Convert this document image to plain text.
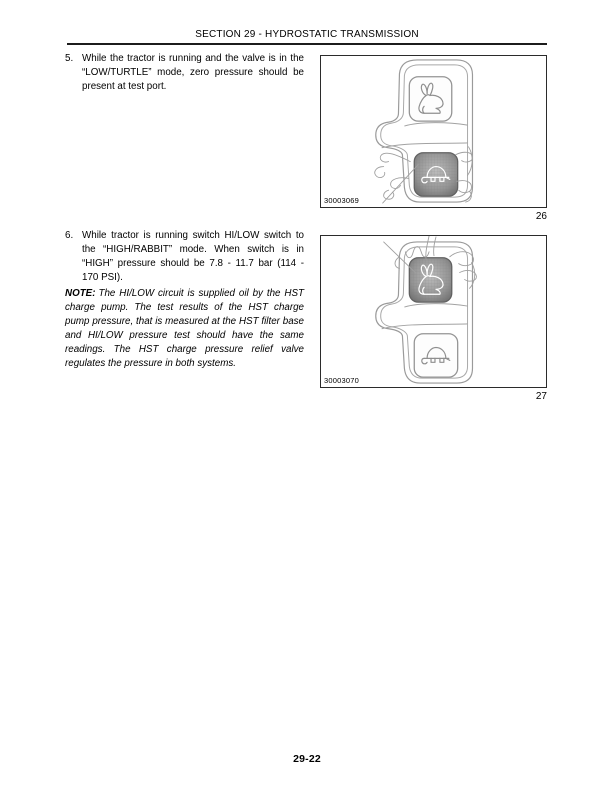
SECTION 29 - HYDROSTATIC TRANSMISSION
5. While the tractor is running and the valve is in the “LOW/TURTLE” mode, zero pressure should be present at test port.
6. While tractor is running switch HI/LOW switch to the “HIGH/RABBIT” mode. When switch is in “HIGH” pressure should be 7.8 - 11.7 bar (114 - 170 PSI).
NOTE: The HI/LOW circuit is supplied oil by the HST charge pump. The test results of the HST charge pump pressure, that is measured at the HST filter base and HI/LOW pressure test should have the same readings. The HST charge pressure relief valve regulates the pressure in both systems.
30003069
26
30003070
27
29-22
